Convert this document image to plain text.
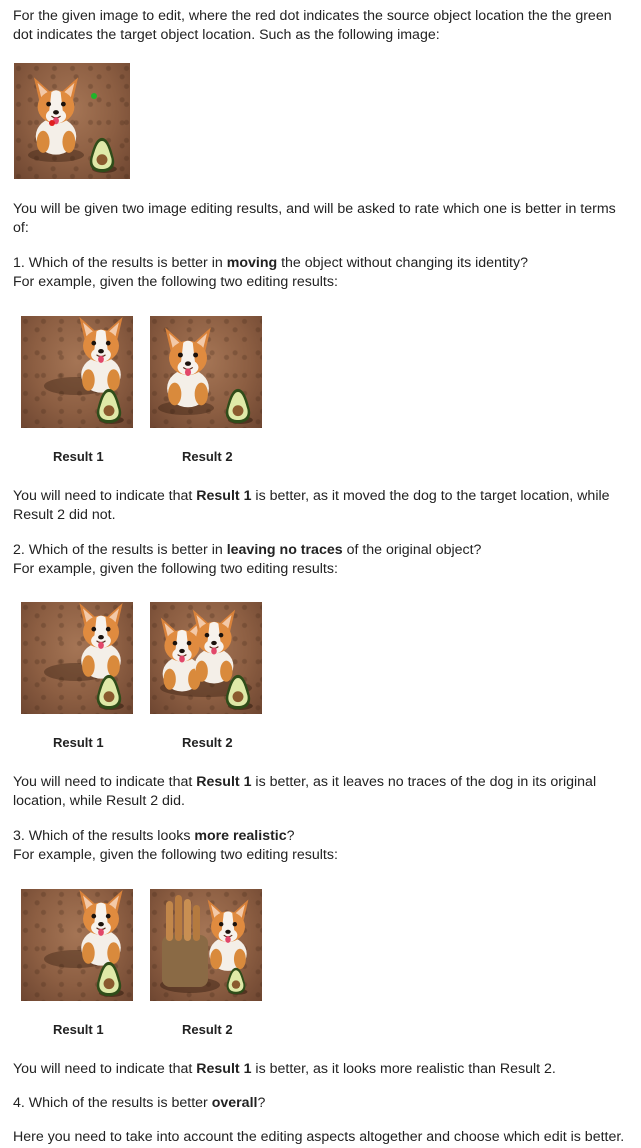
For the given image to edit, where the red dot indicates the source object location the the green dot indicates the target object location. Such as the following image:
You will be given two image editing results, and will be asked to rate which one is better in terms of:
1. Which of the results is better in moving the object without changing its identity?
For example, given the following two editing results:
Result 1	Result 2
You will need to indicate that Result 1 is better, as it moved the dog to the target location, while Result 2 did not.
2. Which of the results is better in leaving no traces of the original object?
For example, given the following two editing results:
Result 1	Result 2
You will need to indicate that Result 1 is better, as it leaves no traces of the dog in its original location, while Result 2 did.
3. Which of the results looks more realistic?
For example, given the following two editing results:
Result 1	Result 2
You will need to indicate that Result 1 is better, as it looks more realistic than Result 2.
4. Which of the results is better overall?
Here you need to take into account the editing aspects altogether and choose which edit is better.
